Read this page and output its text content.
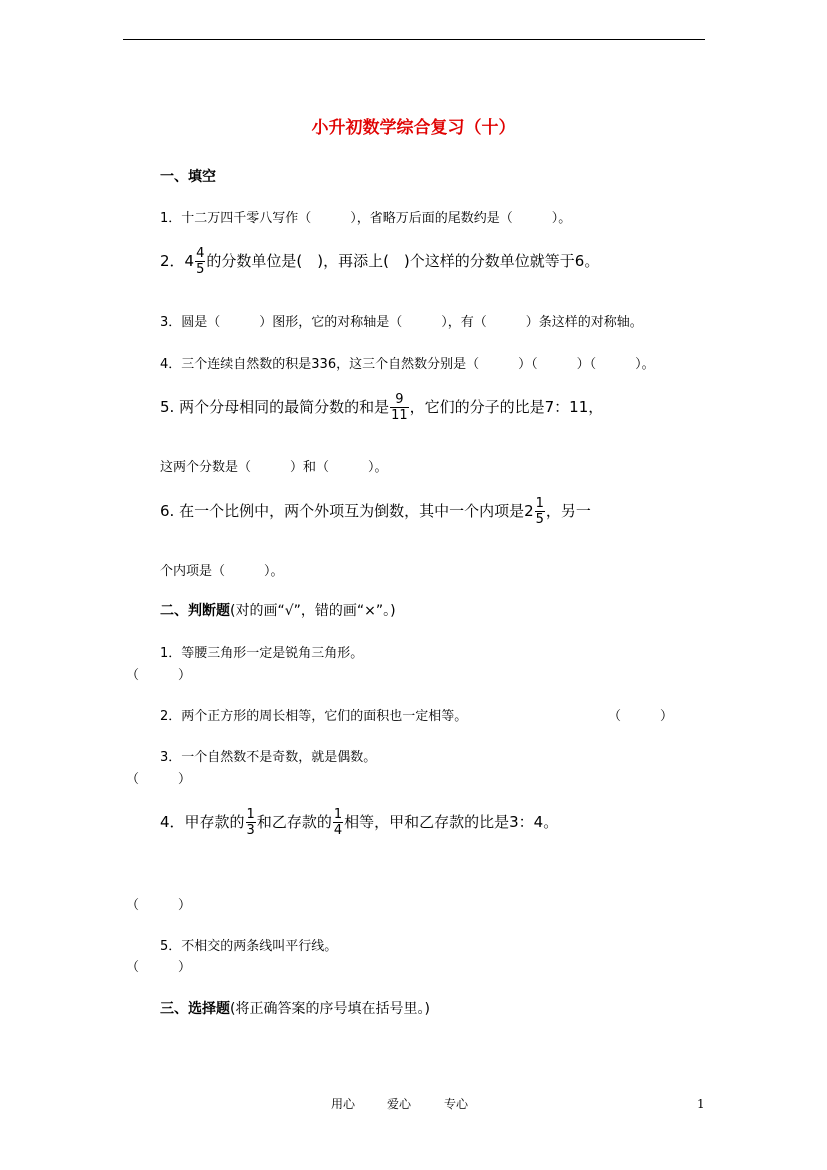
小升初数学综合复习（十）
一、填空
1．十二万四千零八写作（　　　），省略万后面的尾数约是（　　　）。
2．$4 \frac{4}{5}$ 的分数单位是(　)，再添上(　)个这样的分数单位就等于6。
3．圆是（　　　）图形，它的对称轴是（　　　），有（　　　）条这样的对称轴。
4．三个连续自然数的积是336，这三个自然数分别是（　　　）（　　　）（　　　）。
5. 两个分母相同的最简分数的和是 $\frac{9}{11}$ ，它们的分子的比是7：11，
这两个分数是（　　　）和（　　　）。
6. 在一个比例中，两个外项互为倒数，其中一个内项是$2 \frac{1}{5}$ ，另一
个内项是（　　　）。
二、判断题(对的画“√”，错的画“×”。)
1．等腰三角形一定是锐角三角形。
（　　　）
2．两个正方形的周长相等，它们的面积也一定相等。	（　　　）
3．一个自然数不是奇数，就是偶数。
（　　　）
4．甲存款的 $\frac{1}{3}$ 和乙存款的 $\frac{1}{4}$ 相等，甲和乙存款的比是3：4。
（　　　）
5．不相交的两条线叫平行线。
（　　　）
三、选择题(将正确答案的序号填在括号里。)
用心	爱心	专心	1
